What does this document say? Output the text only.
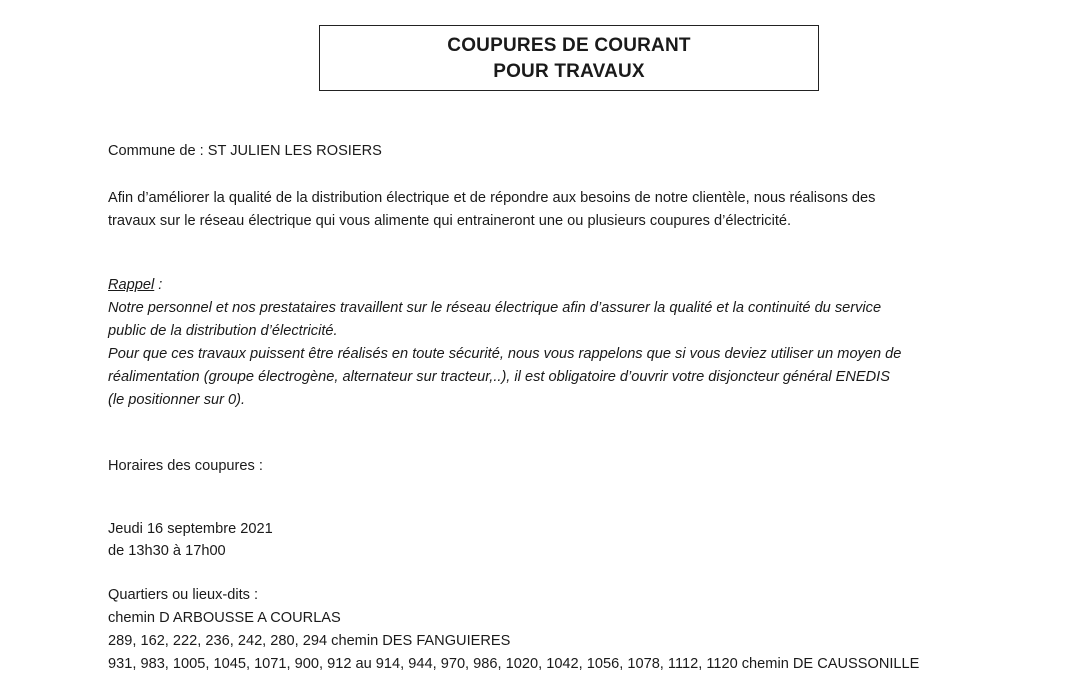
COUPURES DE COURANT
POUR TRAVAUX
Commune de : ST JULIEN LES ROSIERS
Afin d’améliorer la qualité de la distribution électrique et de répondre aux besoins de notre clientèle, nous réalisons des
travaux sur le réseau électrique qui vous alimente qui entraineront une ou plusieurs coupures d’électricité.
Rappel :
Notre personnel et nos prestataires travaillent sur le réseau électrique afin d’assurer la qualité et la continuité du service
public de la distribution d’électricité.
Pour que ces travaux puissent être réalisés en toute sécurité, nous vous rappelons que si vous deviez utiliser un moyen de
réalimentation (groupe électrogène, alternateur sur tracteur,..), il est obligatoire d’ouvrir votre disjoncteur général ENEDIS
(le positionner sur 0).
Horaires des coupures :
Jeudi 16 septembre 2021
de 13h30 à 17h00
Quartiers ou lieux-dits :
chemin D ARBOUSSE A COURLAS
289, 162, 222, 236, 242, 280, 294 chemin DES FANGUIERES
931, 983, 1005, 1045, 1071, 900, 912 au 914, 944, 970, 986, 1020, 1042, 1056, 1078, 1112, 1120 chemin DE CAUSSONILLE
